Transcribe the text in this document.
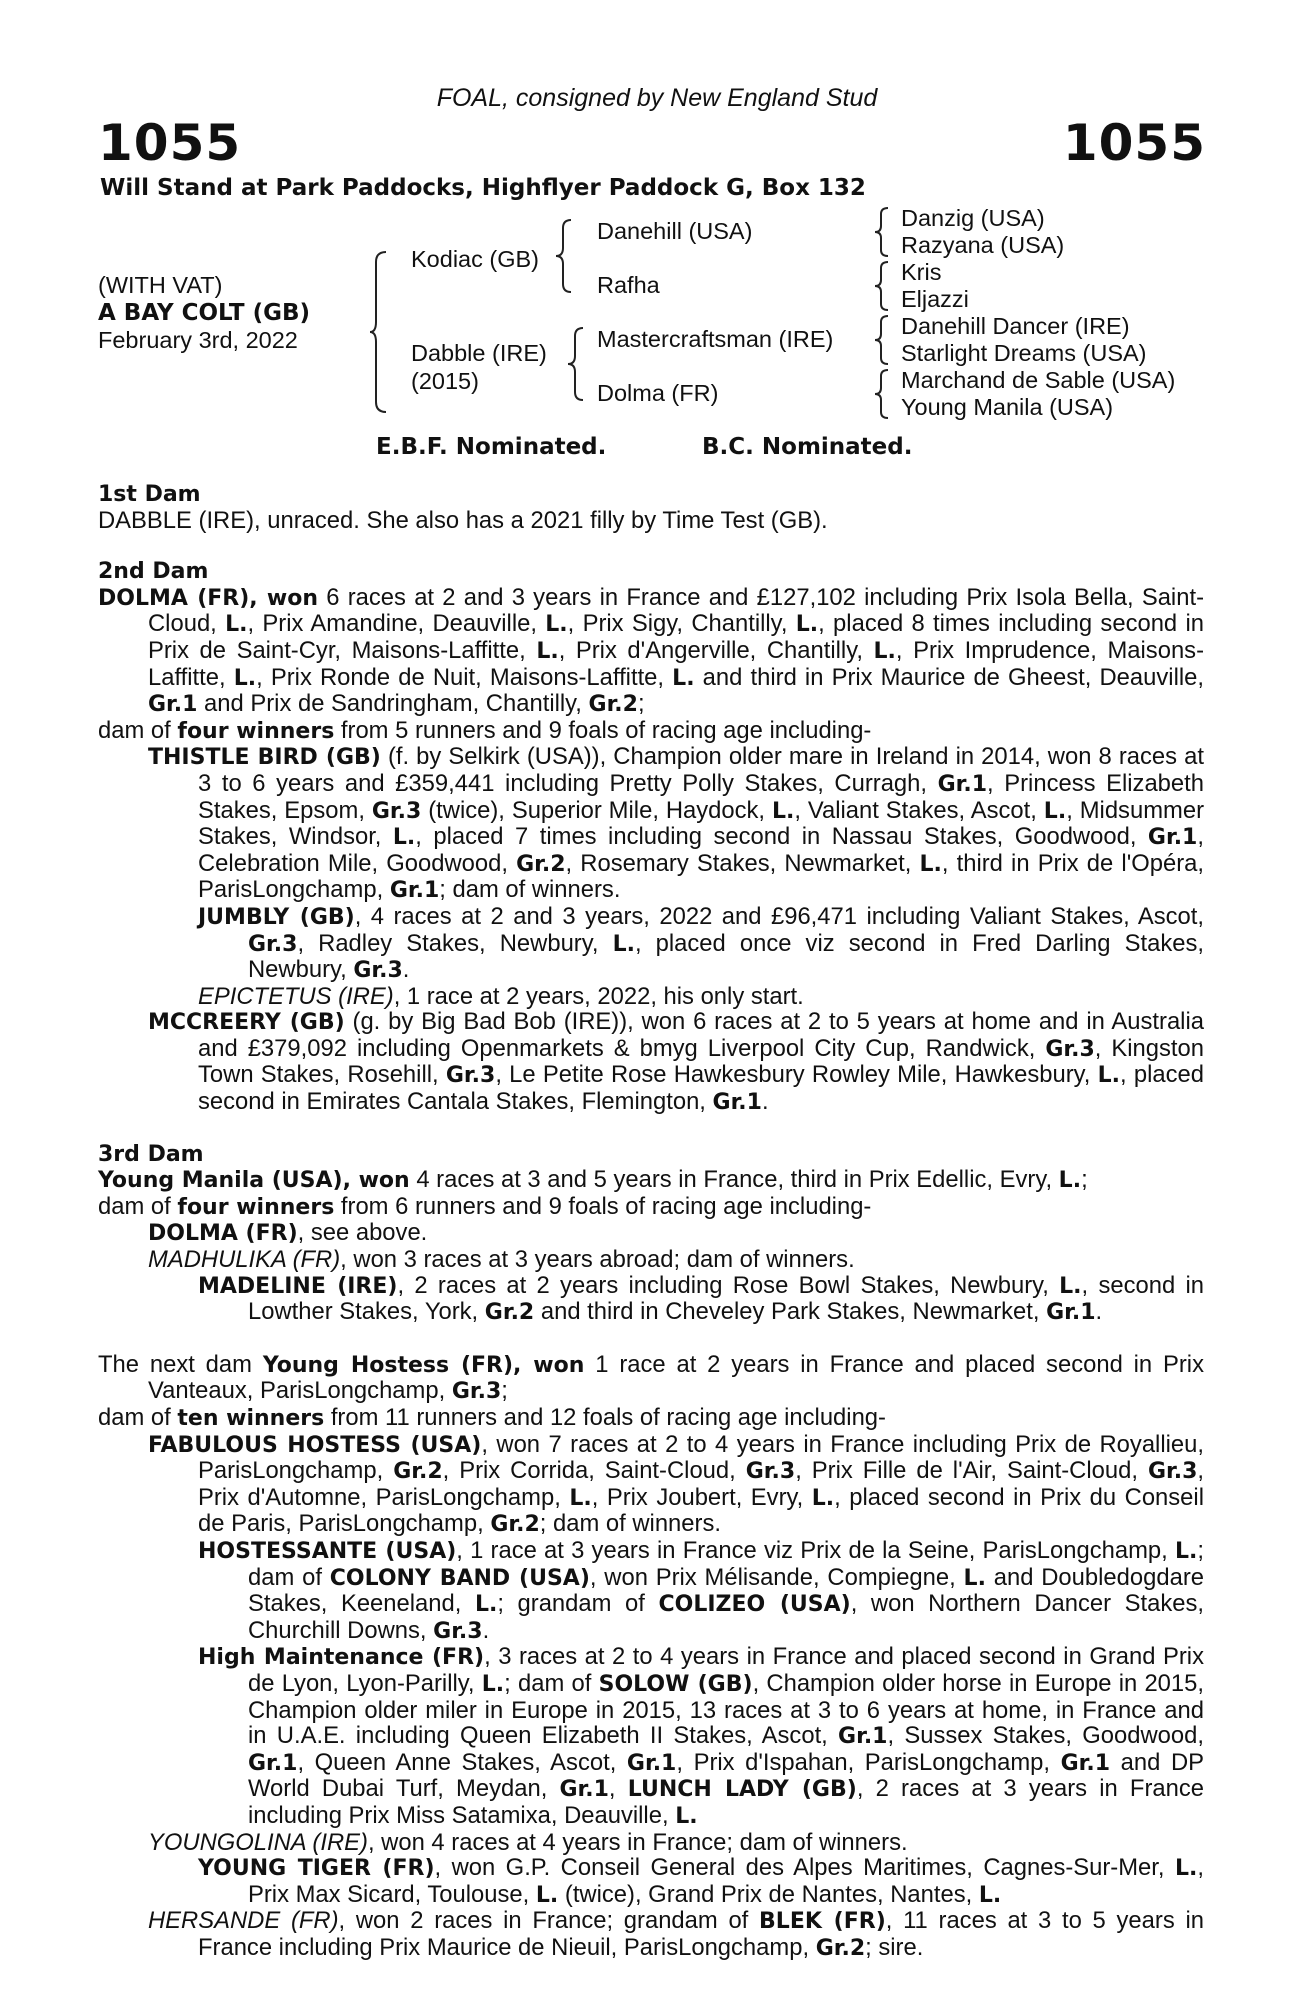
FOAL, consigned by New England Stud
1055	1055
Will Stand at Park Paddocks, Highflyer Paddock G, Box 132
(WITH VAT)
A BAY COLT (GB)
February 3rd, 2022
Kodiac (GB)
Dabble (IRE)
(2015)
Danehill (USA)
Rafha
Mastercraftsman (IRE)
Dolma (FR)
Danzig (USA)
Razyana (USA)
Kris
Eljazzi
Danehill Dancer (IRE)
Starlight Dreams (USA)
Marchand de Sable (USA)
Young Manila (USA)
E.B.F. Nominated.	B.C. Nominated.
1st Dam

DABBLE (IRE), unraced. She also has a 2021 filly by Time Test (GB).

2nd Dam

DOLMA (FR), won 6 races at 2 and 3 years in France and £127,102 including Prix Isola Bella, Saint-Cloud, L., Prix Amandine, Deauville, L., Prix Sigy, Chantilly, L., placed 8 times including second in Prix de Saint-Cyr, Maisons-Laffitte, L., Prix d'Angerville, Chantilly, L., Prix Imprudence, Maisons-Laffitte, L., Prix Ronde de Nuit, Maisons-Laffitte, L. and third in Prix Maurice de Gheest, Deauville, Gr.1 and Prix de Sandringham, Chantilly, Gr.2;

dam of four winners from 5 runners and 9 foals of racing age including-

THISTLE BIRD (GB) (f. by Selkirk (USA)), Champion older mare in Ireland in 2014, won 8 races at 3 to 6 years and £359,441 including Pretty Polly Stakes, Curragh, Gr.1, Princess Elizabeth Stakes, Epsom, Gr.3 (twice), Superior Mile, Haydock, L., Valiant Stakes, Ascot, L., Midsummer Stakes, Windsor, L., placed 7 times including second in Nassau Stakes, Goodwood, Gr.1, Celebration Mile, Goodwood, Gr.2, Rosemary Stakes, Newmarket, L., third in Prix de l'Opéra, ParisLongchamp, Gr.1; dam of winners.

JUMBLY (GB), 4 races at 2 and 3 years, 2022 and £96,471 including Valiant Stakes, Ascot, Gr.3, Radley Stakes, Newbury, L., placed once viz second in Fred Darling Stakes, Newbury, Gr.3.

EPICTETUS (IRE), 1 race at 2 years, 2022, his only start.

MCCREERY (GB) (g. by Big Bad Bob (IRE)), won 6 races at 2 to 5 years at home and in Australia and £379,092 including Openmarkets & bmyg Liverpool City Cup, Randwick, Gr.3, Kingston Town Stakes, Rosehill, Gr.3, Le Petite Rose Hawkesbury Rowley Mile, Hawkesbury, L., placed second in Emirates Cantala Stakes, Flemington, Gr.1.

3rd Dam

Young Manila (USA), won 4 races at 3 and 5 years in France, third in Prix Edellic, Evry, L.;

dam of four winners from 6 runners and 9 foals of racing age including-

DOLMA (FR), see above.

MADHULIKA (FR), won 3 races at 3 years abroad; dam of winners.

MADELINE (IRE), 2 races at 2 years including Rose Bowl Stakes, Newbury, L., second in Lowther Stakes, York, Gr.2 and third in Cheveley Park Stakes, Newmarket, Gr.1.

The next dam Young Hostess (FR), won 1 race at 2 years in France and placed second in Prix Vanteaux, ParisLongchamp, Gr.3;

dam of ten winners from 11 runners and 12 foals of racing age including-

FABULOUS HOSTESS (USA), won 7 races at 2 to 4 years in France including Prix de Royallieu, ParisLongchamp, Gr.2, Prix Corrida, Saint-Cloud, Gr.3, Prix Fille de l'Air, Saint-Cloud, Gr.3, Prix d'Automne, ParisLongchamp, L., Prix Joubert, Evry, L., placed second in Prix du Conseil de Paris, ParisLongchamp, Gr.2; dam of winners.

HOSTESSANTE (USA), 1 race at 3 years in France viz Prix de la Seine, ParisLongchamp, L.; dam of COLONY BAND (USA), won Prix Mélisande, Compiegne, L. and Doubledogdare Stakes, Keeneland, L.; grandam of COLIZEO (USA), won Northern Dancer Stakes, Churchill Downs, Gr.3.

High Maintenance (FR), 3 races at 2 to 4 years in France and placed second in Grand Prix de Lyon, Lyon-Parilly, L.; dam of SOLOW (GB), Champion older horse in Europe in 2015, Champion older miler in Europe in 2015, 13 races at 3 to 6 years at home, in France and in U.A.E. including Queen Elizabeth II Stakes, Ascot, Gr.1, Sussex Stakes, Goodwood, Gr.1, Queen Anne Stakes, Ascot, Gr.1, Prix d'Ispahan, ParisLongchamp, Gr.1 and DP World Dubai Turf, Meydan, Gr.1, LUNCH LADY (GB), 2 races at 3 years in France including Prix Miss Satamixa, Deauville, L.

YOUNGOLINA (IRE), won 4 races at 4 years in France; dam of winners.

YOUNG TIGER (FR), won G.P. Conseil General des Alpes Maritimes, Cagnes-Sur-Mer, L., Prix Max Sicard, Toulouse, L. (twice), Grand Prix de Nantes, Nantes, L.

HERSANDE (FR), won 2 races in France; grandam of BLEK (FR), 11 races at 3 to 5 years in France including Prix Maurice de Nieuil, ParisLongchamp, Gr.2; sire.
